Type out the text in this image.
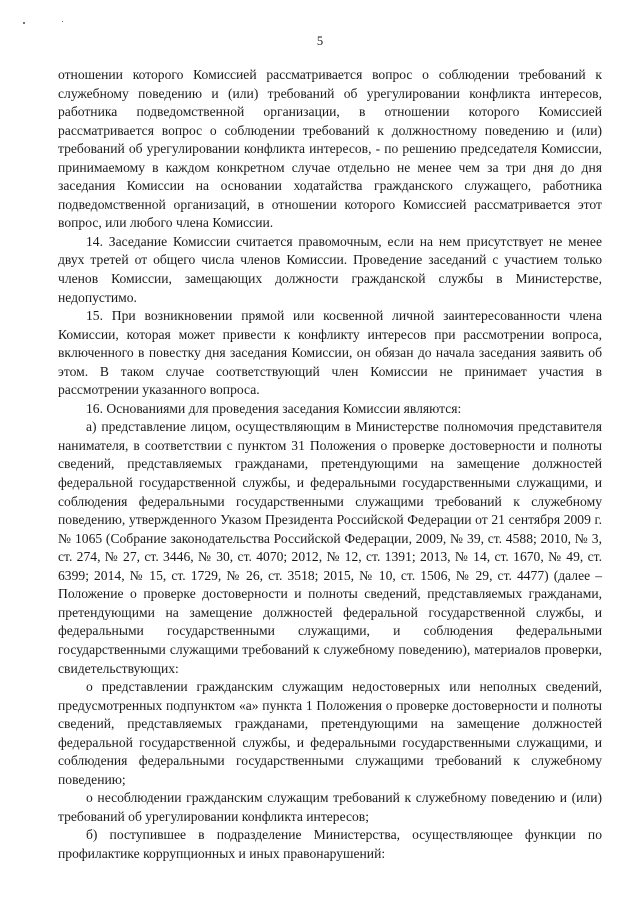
5

отношении которого Комиссией рассматривается вопрос о соблюдении требований к служебному поведению и (или) требований об урегулировании конфликта интересов, работника подведомственной организации, в отношении которого Комиссией рассматривается вопрос о соблюдении требований к должностному поведению и (или) требований об урегулировании конфликта интересов, - по решению председателя Комиссии, принимаемому в каждом конкретном случае отдельно не менее чем за три дня до дня заседания Комиссии на основании ходатайства гражданского служащего, работника подведомственной организаций, в отношении которого Комиссией рассматривается этот вопрос, или любого члена Комиссии.

14. Заседание Комиссии считается правомочным, если на нем присутствует не менее двух третей от общего числа членов Комиссии. Проведение заседаний с участием только членов Комиссии, замещающих должности гражданской службы в Министерстве, недопустимо.

15. При возникновении прямой или косвенной личной заинтересованности члена Комиссии, которая может привести к конфликту интересов при рассмотрении вопроса, включенного в повестку дня заседания Комиссии, он обязан до начала заседания заявить об этом. В таком случае соответствующий член Комиссии не принимает участия в рассмотрении указанного вопроса.

16. Основаниями для проведения заседания Комиссии являются:

а) представление лицом, осуществляющим в Министерстве полномочия представителя нанимателя, в соответствии с пунктом 31 Положения о проверке достоверности и полноты сведений, представляемых гражданами, претендующими на замещение должностей федеральной государственной службы, и федеральными государственными служащими, и соблюдения федеральными государственными служащими требований к служебному поведению, утвержденного Указом Президента Российской Федерации от 21 сентября 2009 г. № 1065 (Собрание законодательства Российской Федерации, 2009, № 39, ст. 4588; 2010, № 3, ст. 274, № 27, ст. 3446, № 30, ст. 4070; 2012, № 12, ст. 1391; 2013, № 14, ст. 1670, № 49, ст. 6399; 2014, № 15, ст. 1729, № 26, ст. 3518; 2015, № 10, ст. 1506, № 29, ст. 4477) (далее – Положение о проверке достоверности и полноты сведений, представляемых гражданами, претендующими на замещение должностей федеральной государственной службы, и федеральными государственными служащими, и соблюдения федеральными государственными служащими требований к служебному поведению), материалов проверки, свидетельствующих:

о представлении гражданским служащим недостоверных или неполных сведений, предусмотренных подпунктом «а» пункта 1 Положения о проверке достоверности и полноты сведений, представляемых гражданами, претендующими на замещение должностей федеральной государственной службы, и федеральными государственными служащими, и соблюдения федеральными государственными служащими требований к служебному поведению;

о несоблюдении гражданским служащим требований к служебному поведению и (или) требований об урегулировании конфликта интересов;

б) поступившее в подразделение Министерства, осуществляющее функции по профилактике коррупционных и иных правонарушений:
